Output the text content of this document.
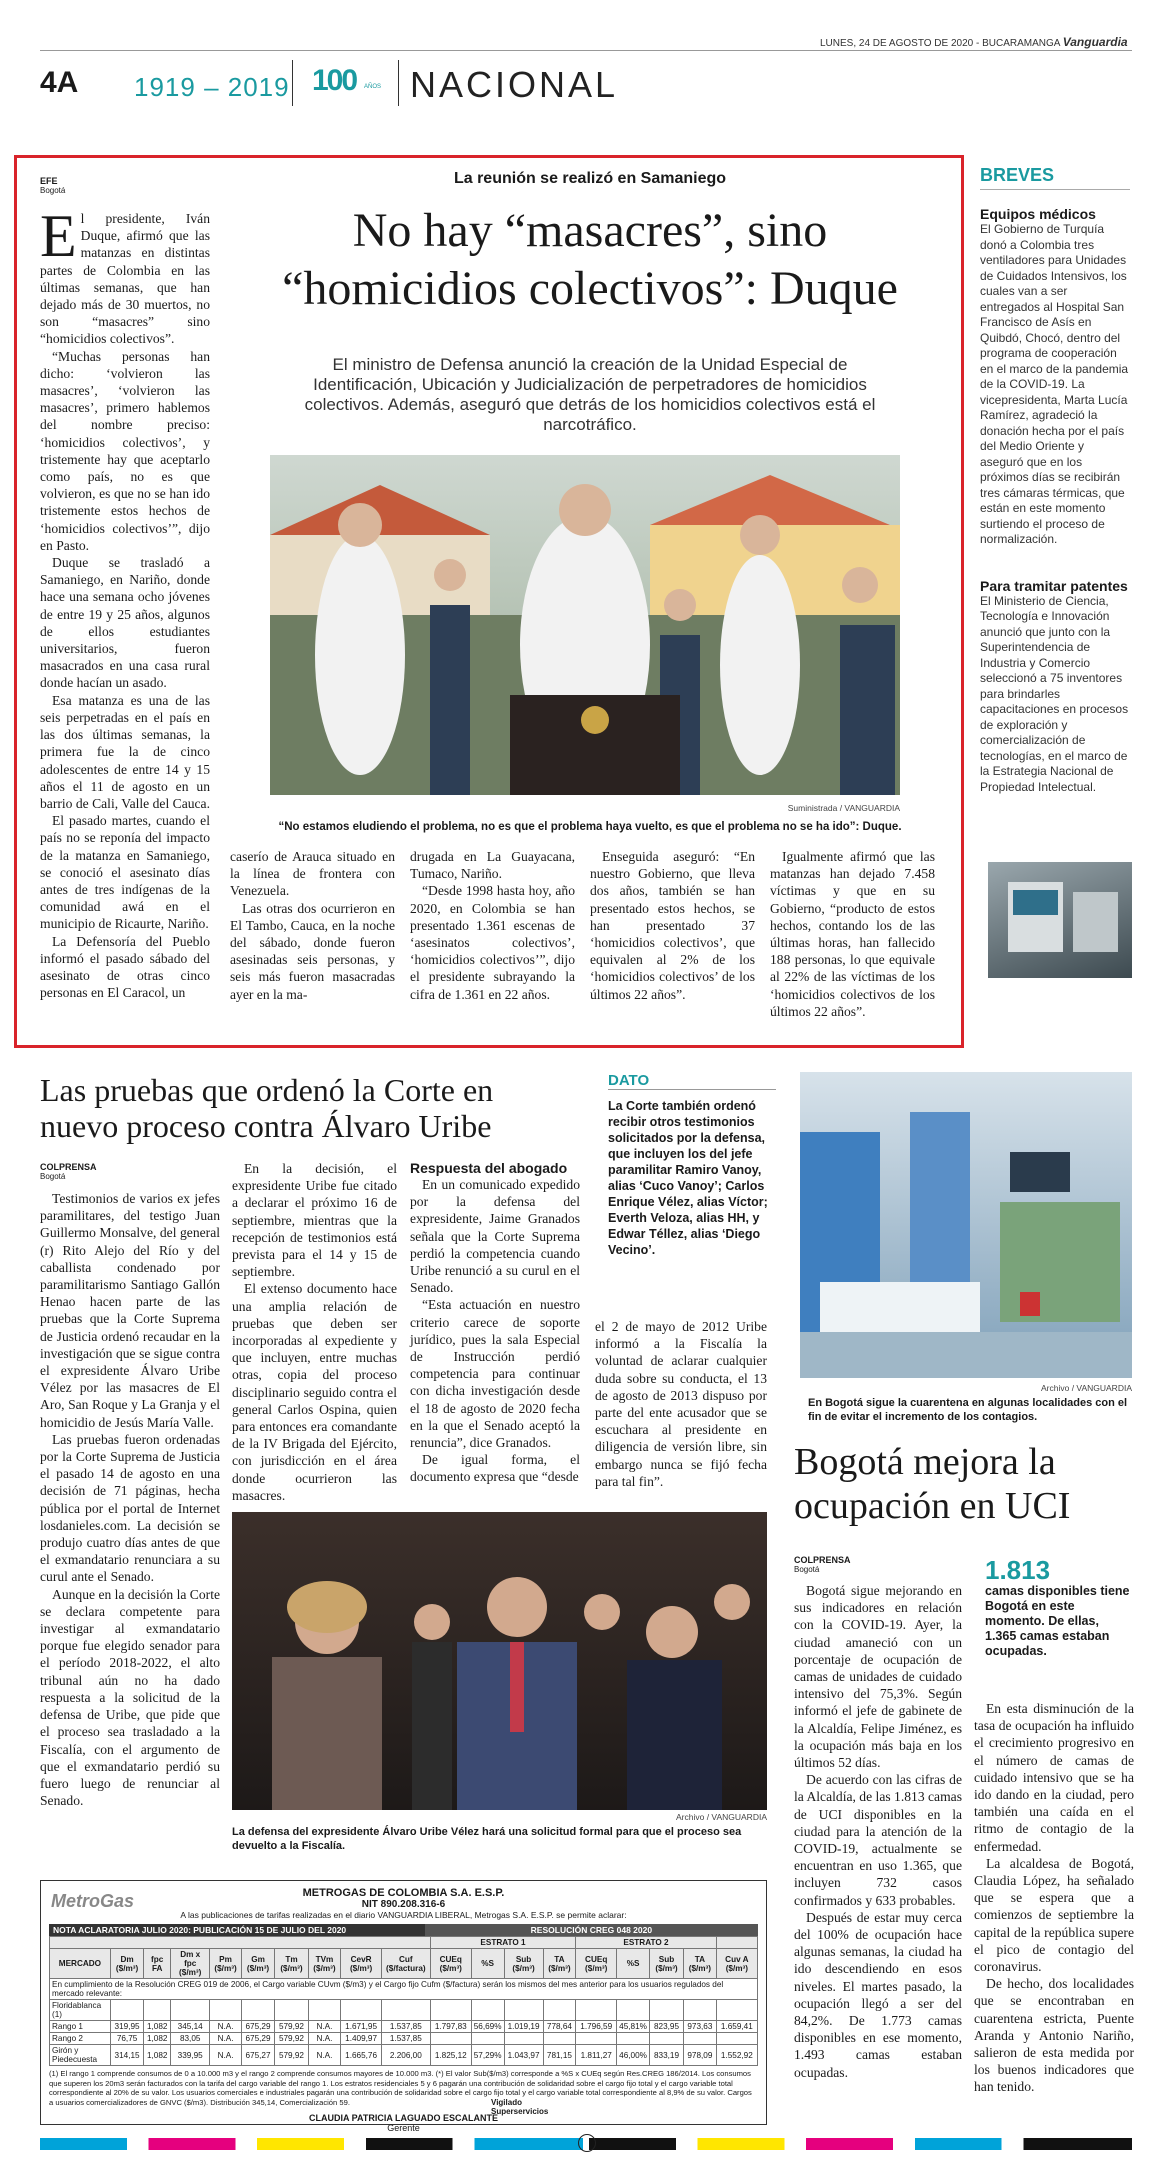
LUNES, 24 DE AGOSTO DE 2020 - BUCARAMANGA Vanguardia
4A 1919 – 2019 100 AÑOS NACIONAL
EFE
Bogotá

El presidente, Iván Duque, afirmó que las matanzas en distintas partes de Colombia en las últimas semanas, que han dejado más de 30 muertos, no son “masacres” sino “homicidios colectivos”.

“Muchas personas han dicho: ‘volvieron las masacres’, ‘volvieron las masacres’, primero hablemos del nombre preciso: ‘homicidios colectivos’, y tristemente hay que aceptarlo como país, no es que volvieron, es que no se han ido tristemente estos hechos de ‘homicidios colectivos’”, dijo en Pasto.

Duque se trasladó a Samaniego, en Nariño, donde hace una semana ocho jóvenes de entre 19 y 25 años, algunos de ellos estudiantes universitarios, fueron masacrados en una casa rural donde hacían un asado.

Esa matanza es una de las seis perpetradas en el país en las dos últimas semanas, la primera fue la de cinco adolescentes de entre 14 y 15 años el 11 de agosto en un barrio de Cali, Valle del Cauca.

El pasado martes, cuando el país no se reponía del impacto de la matanza en Samaniego, se conoció el asesinato días antes de tres indígenas de la comunidad awá en el municipio de Ricaurte, Nariño.

La Defensoría del Pueblo informó el pasado sábado del asesinato de otras cinco personas en El Caracol, un

La reunión se realizó en Samaniego
No hay “masacres”, sino
“homicidios colectivos”: Duque
El ministro de Defensa anunció la creación de la Unidad Especial de Identificación, Ubicación y Judicialización de perpetradores de homicidios colectivos. Además, aseguró que detrás de los homicidios colectivos está el narcotráfico.
Suministrada / VANGUARDIA
“No estamos eludiendo el problema, no es que el problema haya vuelto, es que el problema no se ha ido”: Duque.

caserío de Arauca situado en la línea de frontera con Venezuela.

Las otras dos ocurrieron en El Tambo, Cauca, en la noche del sábado, donde fueron asesinadas seis personas, y seis más fueron masacradas ayer en la ma-

drugada en La Guayacana, Tumaco, Nariño.

“Desde 1998 hasta hoy, año 2020, en Colombia se han presentado 1.361 escenas de ‘asesinatos colectivos’, ‘homicidios colectivos’”, dijo el presidente subrayando la cifra de 1.361 en 22 años.

Enseguida aseguró: “En nuestro Gobierno, que lleva dos años, también se han presentado estos hechos, se han presentado 37 ‘homicidios colectivos’, que equivalen al 2% de los ‘homicidios colectivos’ de los últimos 22 años”.

Igualmente afirmó que las matanzas han dejado 7.458 víctimas y que en su Gobierno, “producto de estos hechos, contando los de las últimas horas, han fallecido 188 personas, lo que equivale al 22% de las víctimas de los ‘homicidios colectivos de los últimos 22 años”.

BREVES
Equipos médicos

El Gobierno de Turquía donó a Colombia tres ventiladores para Unidades de Cuidados Intensivos, los cuales van a ser entregados al Hospital San Francisco de Asís en Quibdó, Chocó, dentro del programa de cooperación en el marco de la pandemia de la COVID-19. La vicepresidenta, Marta Lucía Ramírez, agradeció la donación hecha por el país del Medio Oriente y aseguró que en los próximos días se recibirán tres cámaras térmicas, que están en este momento surtiendo el proceso de normalización.

Para tramitar patentes

El Ministerio de Ciencia, Tecnología e Innovación anunció que junto con la Superintendencia de Industria y Comercio seleccionó a 75 inventores para brindarles capacitaciones en procesos de exploración y comercialización de tecnologías, en el marco de la Estrategia Nacional de Propiedad Intelectual.

Las pruebas que ordenó la Corte en
nuevo proceso contra Álvaro Uribe
DATO
La Corte también ordenó recibir otros testimonios solicitados por la defensa, que incluyen los del jefe paramilitar Ramiro Vanoy, alias ‘Cuco Vanoy’; Carlos Enrique Vélez, alias Víctor; Everth Veloza, alias HH, y Edwar Téllez, alias ‘Diego Vecino’.
COLPRENSA
Bogotá

Testimonios de varios ex jefes paramilitares, del testigo Juan Guillermo Monsalve, del general (r) Rito Alejo del Río y del caballista condenado por paramilitarismo Santiago Gallón Henao hacen parte de las pruebas que la Corte Suprema de Justicia ordenó recaudar en la investigación que se sigue contra el expresidente Álvaro Uribe Vélez por las masacres de El Aro, San Roque y La Granja y el homicidio de Jesús María Valle.

Las pruebas fueron ordenadas por la Corte Suprema de Justicia el pasado 14 de agosto en una decisión de 71 páginas, hecha pública por el portal de Internet losdanieles.com. La decisión se produjo cuatro días antes de que el exmandatario renunciara a su curul ante el Senado.

Aunque en la decisión la Corte se declara competente para investigar al exmandatario porque fue elegido senador para el período 2018-2022, el alto tribunal aún no ha dado respuesta a la solicitud de la defensa de Uribe, que pide que el proceso sea trasladado a la Fiscalía, con el argumento de que el exmandatario perdió su fuero luego de renunciar al Senado.

En la decisión, el expresidente Uribe fue citado a declarar el próximo 16 de septiembre, mientras que la recepción de testimonios está prevista para el 14 y 15 de septiembre.

El extenso documento hace una amplia relación de pruebas que deben ser incorporadas al expediente y que incluyen, entre muchas otras, copia del proceso disciplinario seguido contra el general Carlos Ospina, quien para entonces era comandante de la IV Brigada del Ejército, con jurisdicción en el área donde ocurrieron las masacres.

Respuesta del abogado

En un comunicado expedido por la defensa del expresidente, Jaime Granados señala que la Corte Suprema perdió la competencia cuando Uribe renunció a su curul en el Senado.

“Esta actuación en nuestro criterio carece de soporte jurídico, pues la sala Especial de Instrucción perdió competencia para continuar con dicha investigación desde el 18 de agosto de 2020 fecha en la que el Senado aceptó la renuncia”, dice Granados.

De igual forma, el documento expresa que “desde

el 2 de mayo de 2012 Uribe informó a la Fiscalía la voluntad de aclarar cualquier duda sobre su conducta, el 13 de agosto de 2013 dispuso por parte del ente acusador que se escuchara al presidente en diligencia de versión libre, sin embargo nunca se fijó fecha para tal fin”.

Archivo / VANGUARDIA
La defensa del expresidente Álvaro Uribe Vélez hará una solicitud formal para que el proceso sea devuelto a la Fiscalía.
Archivo / VANGUARDIA
En Bogotá sigue la cuarentena en algunas localidades con el fin de evitar el incremento de los contagios.
Bogotá mejora la
ocupación en UCI
COLPRENSA
Bogotá	1.813
camas disponibles tiene Bogotá en este momento. De ellas, 1.365 camas estaban ocupadas.

Bogotá sigue mejorando en sus indicadores en relación con la COVID-19. Ayer, la ciudad amaneció con un porcentaje de ocupación de camas de unidades de cuidado intensivo del 75,3%. Según informó el jefe de gabinete de la Alcaldía, Felipe Jiménez, es la ocupación más baja en los últimos 52 días.

De acuerdo con las cifras de la Alcaldía, de las 1.813 camas de UCI disponibles en la ciudad para la atención de la COVID-19, actualmente se encuentran en uso 1.365, que incluyen 732 casos confirmados y 633 probables.

Después de estar muy cerca del 100% de ocupación hace algunas semanas, la ciudad ha ido descendiendo en esos niveles. El martes pasado, la ocupación llegó a ser del 84,2%. De 1.773 camas disponibles en ese momento, 1.493 camas estaban ocupadas.

En esta disminución de la tasa de ocupación ha influido el crecimiento progresivo en el número de camas de cuidado intensivo que se ha ido dando en la ciudad, pero también una caída en el ritmo de contagio de la enfermedad.

La alcaldesa de Bogotá, Claudia López, ha señalado que se espera que a comienzos de septiembre la capital de la república supere el pico de contagio del coronavirus.

De hecho, dos localidades que se encontraban en cuarentena estricta, Puente Aranda y Antonio Nariño, salieron de esta medida por los buenos indicadores que han tenido.

MetroGas	METROGAS DE COLOMBIA S.A. E.S.P.
NIT 890.208.316-6
A las publicaciones de tarifas realizadas en el diario VANGUARDIA LIBERAL, Metrogas S.A. E.S.P. se permite aclarar:
NOTA ACLARATORIA JULIO 2020: PUBLICACIÓN 15 DE JULIO DEL 2020	RESOLUCIÓN CREG 048 2020
										ESTRATO 1				ESTRATO 2				
MERCADO	Dm ($/m³)	fpc FA	Dm x fpc ($/m³)	Pm ($/m³)	Gm ($/m³)	Tm ($/m³)	TVm ($/m³)	CevR ($/m³)	Cuf ($/factura)	CUEq ($/m³)	%S	Sub ($/m³)	TA ($/m³)	CUEq ($/m³)	%S	Sub ($/m³)	TA ($/m³)	Cuv A ($/m³)
En cumplimiento de la Resolución CREG 019 de 2006, el Cargo variable CUvm ($/m3) y el Cargo fijo Cufm ($/factura) serán los mismos del mes anterior para los usuarios regulados del mercado relevante:																		
Floridablanca (1)																		
Rango 1	319,95	1,082	345,14	N.A.	675,29	579,92	N.A.	1.671,95	1.537,85	1.797,83	56,69%	1.019,19	778,64	1.796,59	45,81%	823,95	973,63	1.659,41
Rango 2	76,75	1,082	83,05	N.A.	675,29	579,92	N.A.	1.409,97	1.537,85									
Girón y Piedecuesta	314,15	1,082	339,95	N.A.	675,27	579,92	N.A.	1.665,76	2.206,00	1.825,12	57,29%	1.043,97	781,15	1.811,27	46,00%	833,19	978,09	1.552,92
(1) El rango 1 comprende consumos de 0 a 10.000 m3 y el rango 2 comprende consumos mayores de 10.000 m3. (*) El valor Sub($/m3) corresponde a %S x CUEq según Res.CREG 186/2014. Los consumos que superen los 20m3 serán facturados con la tarifa del cargo variable del rango 1. Los estratos residenciales 5 y 6 pagarán una contribución de solidaridad sobre el cargo fijo total y el cargo variable total correspondiente al 20% de su valor. Los usuarios comerciales e industriales pagarán una contribución de solidaridad sobre el cargo fijo total y el cargo variable total correspondiente al 8,9% de su valor. Cargos a usuarios comercializadores de GNVC ($/m3). Distribución 345,14, Comercialización 59.
CLAUDIA PATRICIA LAGUADO ESCALANTE
Gerente
Vigilado Superservicios
